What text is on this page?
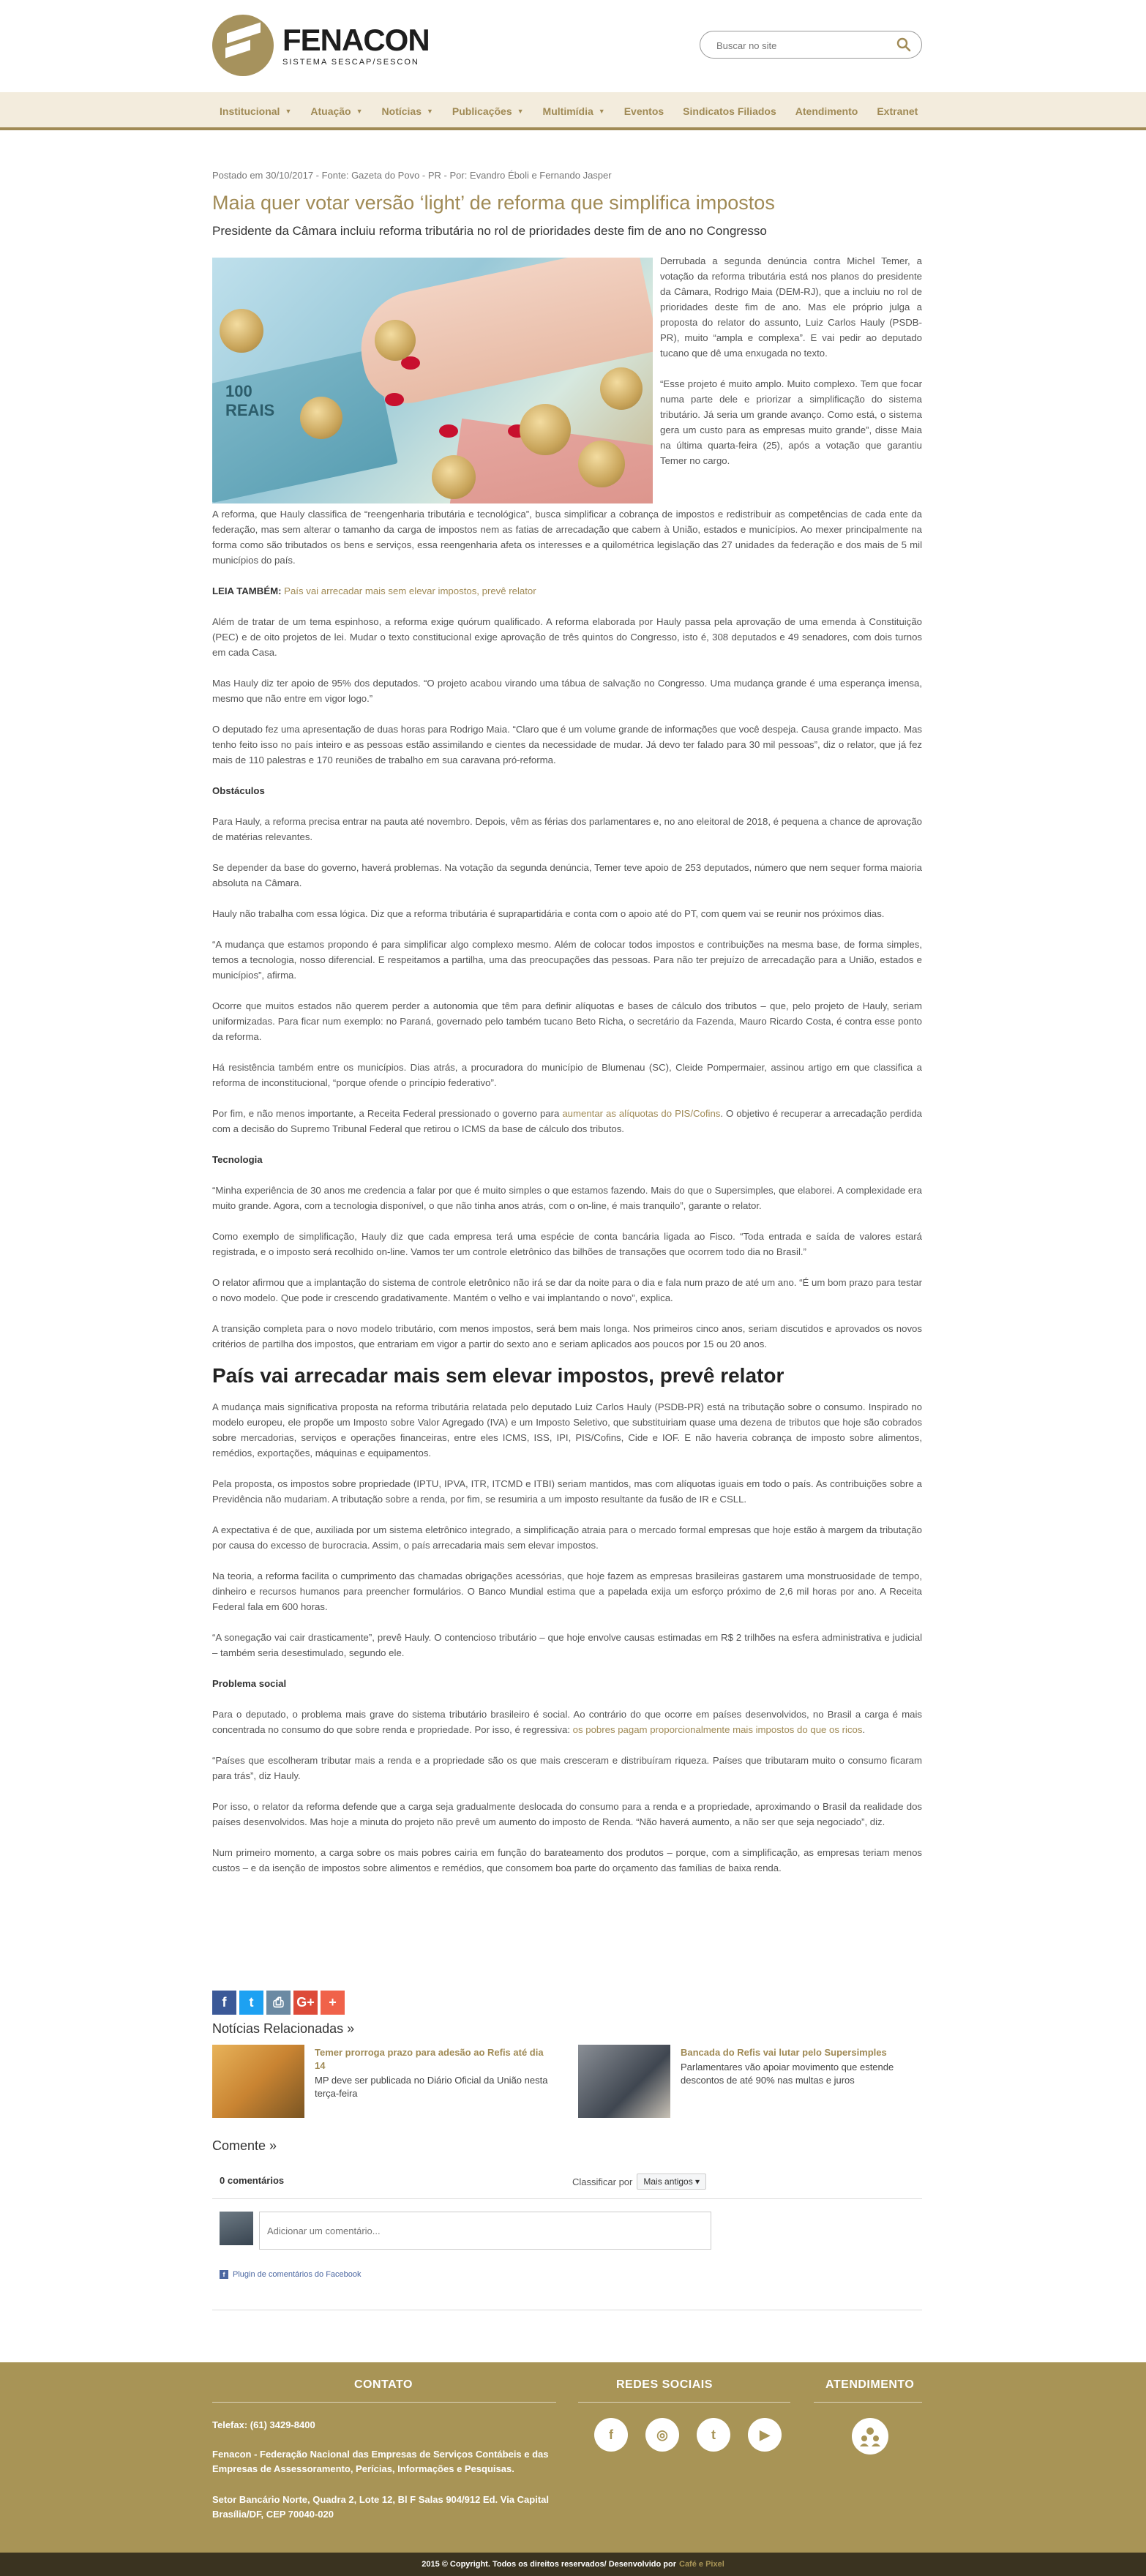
FENACON
SISTEMA SESCAP/SESCON
Buscar no site
Institucional ▼ Atuação ▼ Notícias ▼ Publicações ▼ Multimídia ▼ Eventos Sindicatos Filiados Atendimento Extranet
Postado em 30/10/2017 - Fonte: Gazeta do Povo - PR - Por: Evandro Éboli e Fernando Jasper
Maia quer votar versão ‘light’ de reforma que simplifica impostos
Presidente da Câmara incluiu reforma tributária no rol de prioridades deste fim de ano no Congresso
100
REAIS

Derrubada a segunda denúncia contra Michel Temer, a votação da reforma tributária está nos planos do presidente da Câmara, Rodrigo Maia (DEM-RJ), que a incluiu no rol de prioridades deste fim de ano. Mas ele próprio julga a proposta do relator do assunto, Luiz Carlos Hauly (PSDB-PR), muito “ampla e complexa”. E vai pedir ao deputado tucano que dê uma enxugada no texto.

“Esse projeto é muito amplo. Muito complexo. Tem que focar numa parte dele e priorizar a simplificação do sistema tributário. Já seria um grande avanço. Como está, o sistema gera um custo para as empresas muito grande”, disse Maia na última quarta-feira (25), após a votação que garantiu Temer no cargo.

A reforma, que Hauly classifica de “reengenharia tributária e tecnológica”, busca simplificar a cobrança de impostos e redistribuir as competências de cada ente da federação, mas sem alterar o tamanho da carga de impostos nem as fatias de arrecadação que cabem à União, estados e municípios. Ao mexer principalmente na forma como são tributados os bens e serviços, essa reengenharia afeta os interesses e a quilométrica legislação das 27 unidades da federação e dos mais de 5 mil municípios do país.

LEIA TAMBÉM: País vai arrecadar mais sem elevar impostos, prevê relator

Além de tratar de um tema espinhoso, a reforma exige quórum qualificado. A reforma elaborada por Hauly passa pela aprovação de uma emenda à Constituição (PEC) e de oito projetos de lei. Mudar o texto constitucional exige aprovação de três quintos do Congresso, isto é, 308 deputados e 49 senadores, com dois turnos em cada Casa.

Mas Hauly diz ter apoio de 95% dos deputados. “O projeto acabou virando uma tábua de salvação no Congresso. Uma mudança grande é uma esperança imensa, mesmo que não entre em vigor logo.”

O deputado fez uma apresentação de duas horas para Rodrigo Maia. “Claro que é um volume grande de informações que você despeja. Causa grande impacto. Mas tenho feito isso no país inteiro e as pessoas estão assimilando e cientes da necessidade de mudar. Já devo ter falado para 30 mil pessoas”, diz o relator, que já fez mais de 110 palestras e 170 reuniões de trabalho em sua caravana pró-reforma.

Obstáculos

Para Hauly, a reforma precisa entrar na pauta até novembro. Depois, vêm as férias dos parlamentares e, no ano eleitoral de 2018, é pequena a chance de aprovação de matérias relevantes.

Se depender da base do governo, haverá problemas. Na votação da segunda denúncia, Temer teve apoio de 253 deputados, número que nem sequer forma maioria absoluta na Câmara.

Hauly não trabalha com essa lógica. Diz que a reforma tributária é suprapartidária e conta com o apoio até do PT, com quem vai se reunir nos próximos dias.

“A mudança que estamos propondo é para simplificar algo complexo mesmo. Além de colocar todos impostos e contribuições na mesma base, de forma simples, temos a tecnologia, nosso diferencial. E respeitamos a partilha, uma das preocupações das pessoas. Para não ter prejuízo de arrecadação para a União, estados e municípios”, afirma.

Ocorre que muitos estados não querem perder a autonomia que têm para definir alíquotas e bases de cálculo dos tributos – que, pelo projeto de Hauly, seriam uniformizadas. Para ficar num exemplo: no Paraná, governado pelo também tucano Beto Richa, o secretário da Fazenda, Mauro Ricardo Costa, é contra esse ponto da reforma.

Há resistência também entre os municípios. Dias atrás, a procuradora do município de Blumenau (SC), Cleide Pompermaier, assinou artigo em que classifica a reforma de inconstitucional, “porque ofende o princípio federativo”.

Por fim, e não menos importante, a Receita Federal pressionado o governo para aumentar as alíquotas do PIS/Cofins. O objetivo é recuperar a arrecadação perdida com a decisão do Supremo Tribunal Federal que retirou o ICMS da base de cálculo dos tributos.

Tecnologia

“Minha experiência de 30 anos me credencia a falar por que é muito simples o que estamos fazendo. Mais do que o Supersimples, que elaborei. A complexidade era muito grande. Agora, com a tecnologia disponível, o que não tinha anos atrás, com o on-line, é mais tranquilo”, garante o relator.

Como exemplo de simplificação, Hauly diz que cada empresa terá uma espécie de conta bancária ligada ao Fisco. “Toda entrada e saída de valores estará registrada, e o imposto será recolhido on-line. Vamos ter um controle eletrônico das bilhões de transações que ocorrem todo dia no Brasil.”

O relator afirmou que a implantação do sistema de controle eletrônico não irá se dar da noite para o dia e fala num prazo de até um ano. “É um bom prazo para testar o novo modelo. Que pode ir crescendo gradativamente. Mantém o velho e vai implantando o novo”, explica.

A transição completa para o novo modelo tributário, com menos impostos, será bem mais longa. Nos primeiros cinco anos, seriam discutidos e aprovados os novos critérios de partilha dos impostos, que entrariam em vigor a partir do sexto ano e seriam aplicados aos poucos por 15 ou 20 anos.

País vai arrecadar mais sem elevar impostos, prevê relator

A mudança mais significativa proposta na reforma tributária relatada pelo deputado Luiz Carlos Hauly (PSDB-PR) está na tributação sobre o consumo. Inspirado no modelo europeu, ele propõe um Imposto sobre Valor Agregado (IVA) e um Imposto Seletivo, que substituiriam quase uma dezena de tributos que hoje são cobrados sobre mercadorias, serviços e operações financeiras, entre eles ICMS, ISS, IPI, PIS/Cofins, Cide e IOF. E não haveria cobrança de imposto sobre alimentos, remédios, exportações, máquinas e equipamentos.

Pela proposta, os impostos sobre propriedade (IPTU, IPVA, ITR, ITCMD e ITBI) seriam mantidos, mas com alíquotas iguais em todo o país. As contribuições sobre a Previdência não mudariam. A tributação sobre a renda, por fim, se resumiria a um imposto resultante da fusão de IR e CSLL.

A expectativa é de que, auxiliada por um sistema eletrônico integrado, a simplificação atraia para o mercado formal empresas que hoje estão à margem da tributação por causa do excesso de burocracia. Assim, o país arrecadaria mais sem elevar impostos.

Na teoria, a reforma facilita o cumprimento das chamadas obrigações acessórias, que hoje fazem as empresas brasileiras gastarem uma monstruosidade de tempo, dinheiro e recursos humanos para preencher formulários. O Banco Mundial estima que a papelada exija um esforço próximo de 2,6 mil horas por ano. A Receita Federal fala em 600 horas.

“A sonegação vai cair drasticamente”, prevê Hauly. O contencioso tributário – que hoje envolve causas estimadas em R$ 2 trilhões na esfera administrativa e judicial – também seria desestimulado, segundo ele.

Problema social

Para o deputado, o problema mais grave do sistema tributário brasileiro é social. Ao contrário do que ocorre em países desenvolvidos, no Brasil a carga é mais concentrada no consumo do que sobre renda e propriedade. Por isso, é regressiva: os pobres pagam proporcionalmente mais impostos do que os ricos.

“Países que escolheram tributar mais a renda e a propriedade são os que mais cresceram e distribuíram riqueza. Países que tributaram muito o consumo ficaram para trás”, diz Hauly.

Por isso, o relator da reforma defende que a carga seja gradualmente deslocada do consumo para a renda e a propriedade, aproximando o Brasil da realidade dos países desenvolvidos. Mas hoje a minuta do projeto não prevê um aumento do imposto de Renda. “Não haverá aumento, a não ser que seja negociado”, diz.

Num primeiro momento, a carga sobre os mais pobres cairia em função do barateamento dos produtos – porque, com a simplificação, as empresas teriam menos custos – e da isenção de impostos sobre alimentos e remédios, que consomem boa parte do orçamento das famílias de baixa renda.

f t ⎙ G+ +
Notícias Relacionadas »
Temer prorroga prazo para adesão ao Refis até dia 14
MP deve ser publicada no Diário Oficial da União nesta terça-feira
Bancada do Refis vai lutar pelo Supersimples
Parlamentares vão apoiar movimento que estende descontos de até 90% nas multas e juros
Comente »
0 comentários	Classificar por	Mais antigos ▾
Adicionar um comentário...
f Plugin de comentários do Facebook
CONTATO
Telefax: (61) 3429-8400
Fenacon - Federação Nacional das Empresas de Serviços Contábeis e das Empresas de Assessoramento, Perícias, Informações e Pesquisas.
Setor Bancário Norte, Quadra 2, Lote 12, Bl F Salas 904/912 Ed. Via Capital Brasília/DF, CEP 70040-020
REDES SOCIAIS
f	◎	t	▶
ATENDIMENTO
2015 © Copyright. Todos os direitos reservados/ Desenvolvido por Café e Pixel
